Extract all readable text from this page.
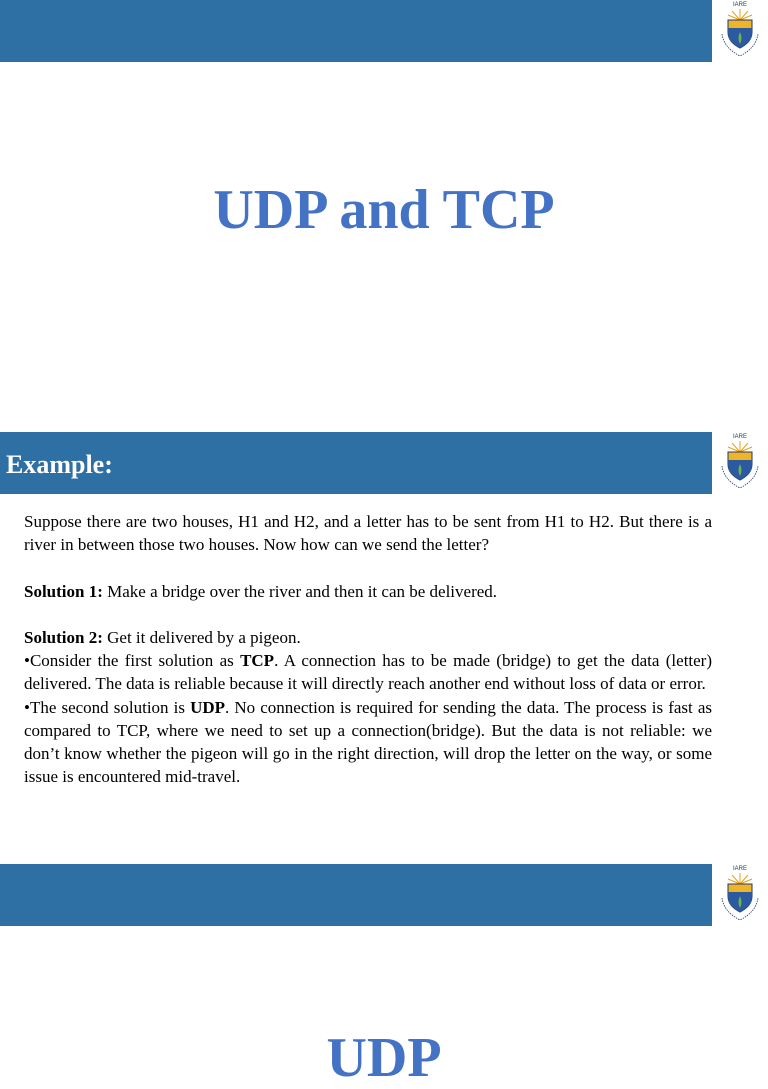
IARE
UDP and TCP
Example:
IARE

Suppose there are two houses, H1 and H2, and a letter has to be sent from H1 to H2. But there is a river in between those two houses. Now how can we send the letter?

Solution 1: Make a bridge over the river and then it can be delivered.

Solution 2: Get it delivered by a pigeon.

•Consider the first solution as TCP. A connection has to be made (bridge) to get the data (letter) delivered. The data is reliable because it will directly reach another end without loss of data or error.

•The second solution is UDP. No connection is required for sending the data. The process is fast as compared to TCP, where we need to set up a connection(bridge). But the data is not reliable: we don’t know whether the pigeon will go in the right direction, will drop the letter on the way, or some issue is encountered mid-travel.

IARE
UDP
